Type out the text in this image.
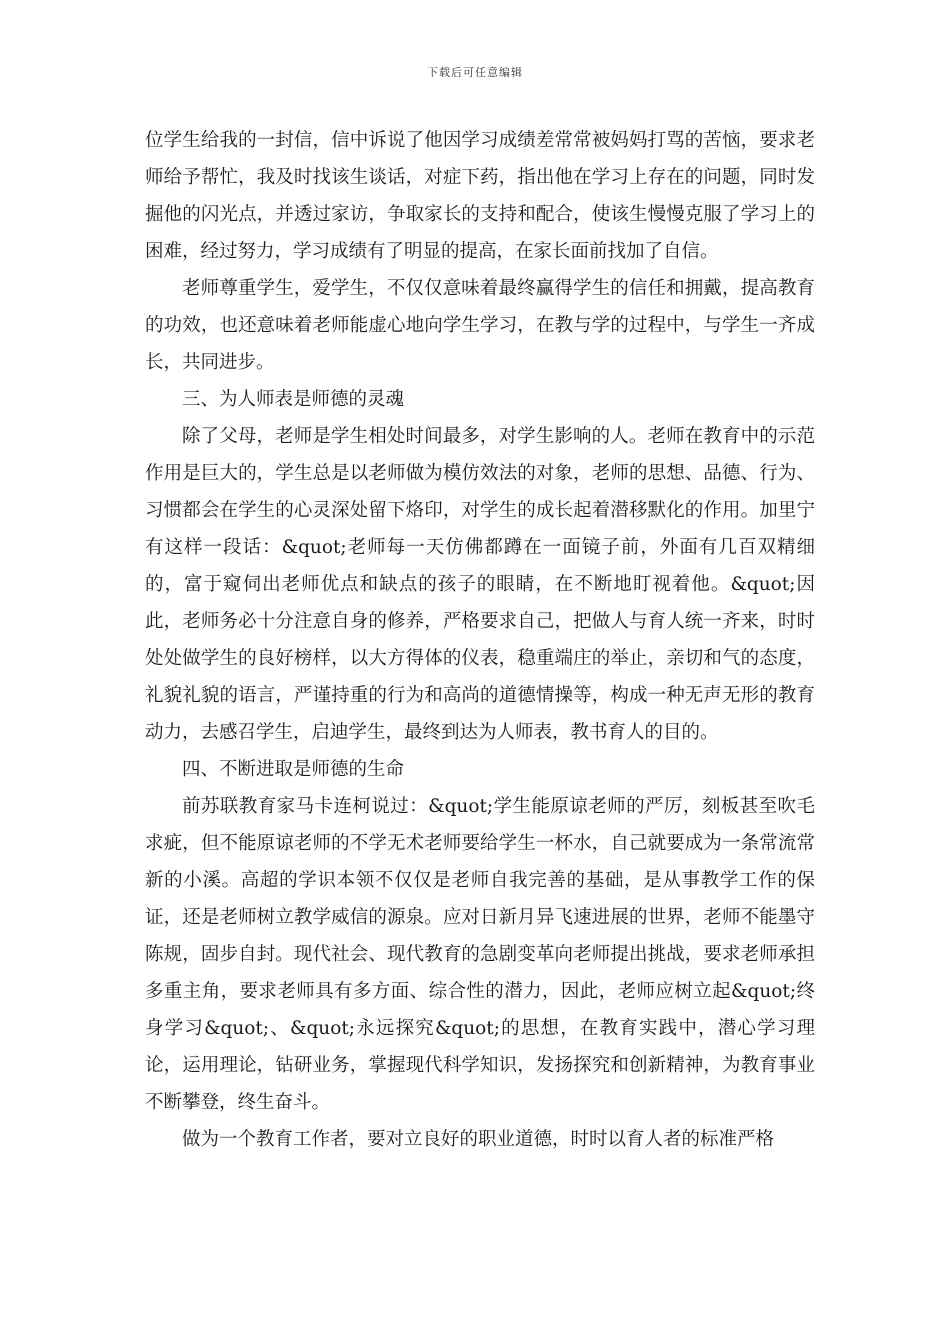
下载后可任意编辑

位学生给我的一封信，信中诉说了他因学习成绩差常常被妈妈打骂的苦恼，要求老师给予帮忙，我及时找该生谈话，对症下药，指出他在学习上存在的问题，同时发掘他的闪光点，并透过家访，争取家长的支持和配合，使该生慢慢克服了学习上的困难，经过努力，学习成绩有了明显的提高，在家长面前找加了自信。

老师尊重学生，爱学生，不仅仅意味着最终赢得学生的信任和拥戴，提高教育的功效，也还意味着老师能虚心地向学生学习，在教与学的过程中，与学生一齐成长，共同进步。

三、为人师表是师德的灵魂

除了父母，老师是学生相处时间最多，对学生影响的人。老师在教育中的示范作用是巨大的，学生总是以老师做为模仿效法的对象，老师的思想、品德、行为、习惯都会在学生的心灵深处留下烙印，对学生的成长起着潜移默化的作用。加里宁有这样一段话：&quot;老师每一天仿佛都蹲在一面镜子前，外面有几百双精细的，富于窥伺出老师优点和缺点的孩子的眼睛，在不断地盯视着他。&quot;因此，老师务必十分注意自身的修养，严格要求自己，把做人与育人统一齐来，时时处处做学生的良好榜样，以大方得体的仪表，稳重端庄的举止，亲切和气的态度，礼貌礼貌的语言，严谨持重的行为和高尚的道德情操等，构成一种无声无形的教育动力，去感召学生，启迪学生，最终到达为人师表，教书育人的目的。

四、不断进取是师德的生命

前苏联教育家马卡连柯说过：&quot;学生能原谅老师的严厉，刻板甚至吹毛求疵，但不能原谅老师的不学无术老师要给学生一杯水，自己就要成为一条常流常新的小溪。高超的学识本领不仅仅是老师自我完善的基础，是从事教学工作的保证，还是老师树立教学威信的源泉。应对日新月异飞速进展的世界，老师不能墨守陈规，固步自封。现代社会、现代教育的急剧变革向老师提出挑战，要求老师承担多重主角，要求老师具有多方面、综合性的潜力，因此，老师应树立起&quot;终身学习&quot;、&quot;永远探究&quot;的思想，在教育实践中，潜心学习理论，运用理论，钻研业务，掌握现代科学知识，发扬探究和创新精神，为教育事业不断攀登，终生奋斗。

做为一个教育工作者，要对立良好的职业道德，时时以育人者的标准严格
